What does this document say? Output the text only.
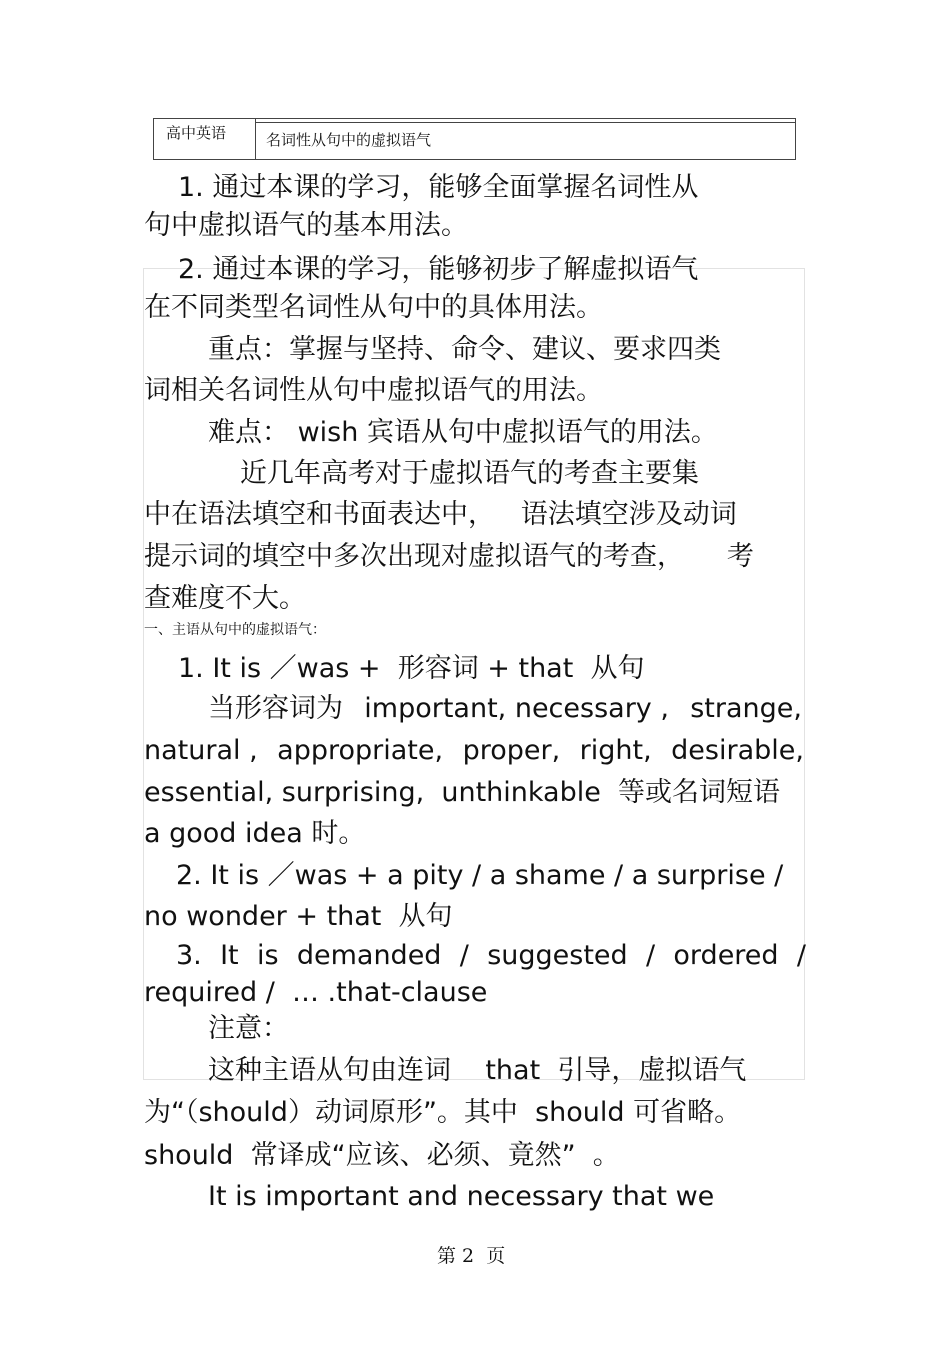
高中英语	名词性从句中的虚拟语气
1. 通过本课的学习，能够全面掌握名词性从
句中虚拟语气的基本用法。
2. 通过本课的学习，能够初步了解虚拟语气
在不同类型名词性从句中的具体用法。
重点：掌握与坚持、命令、建议、要求四类
词相关名词性从句中虚拟语气的用法。
难点： wish 宾语从句中虚拟语气的用法。
近几年高考对于虚拟语气的考查主要集
中在语法填空和书面表达中，   语法填空涉及动词
提示词的填空中多次出现对虚拟语气的考查，     考
查难度不大。
一、主语从句中的虚拟语气：
1. It is ／was +  形容词 + that  从句
当形容词为 important, necessary , strange,
natural , appropriate, proper, right, desirable,
essential, surprising,  unthinkable  等或名词短语
a good idea 时。
2. It is ／was + a pity / a shame / a surprise /
no wonder + that  从句
3. It is demanded / suggested / ordered /
required /  … .that-clause
注意：
这种主语从句由连词    that  引导，虚拟语气
为“（should）动词原形”。其中  should 可省略。
should  常译成“应该、必须、竟然”  。
It is important and necessary that we
第 2  页
